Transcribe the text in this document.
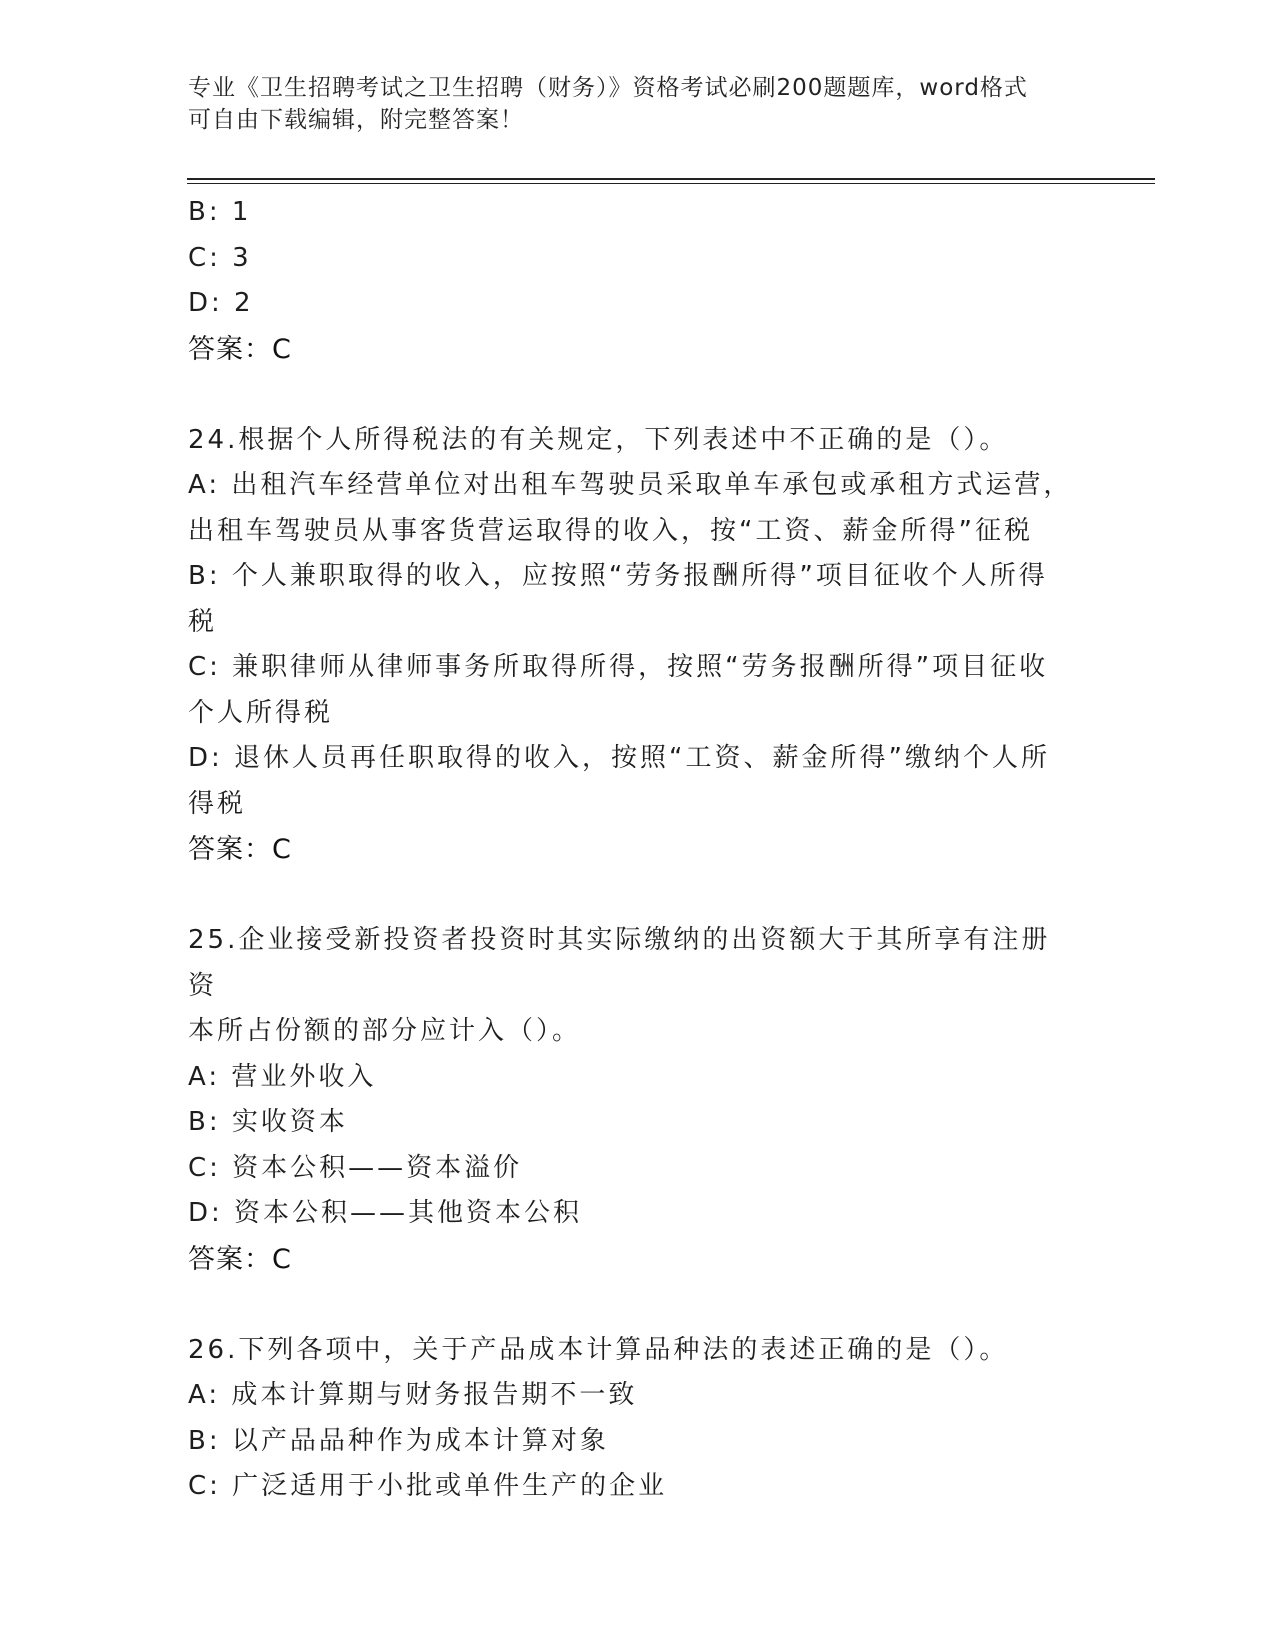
专业《卫生招聘考试之卫生招聘（财务）》资格考试必刷200题题库，word格式
可自由下载编辑，附完整答案！
B: 1
C: 3
D: 2
答案：C
24.根据个人所得税法的有关规定，下列表述中不正确的是（）。
A: 出租汽车经营单位对出租车驾驶员采取单车承包或承租方式运营，
出租车驾驶员从事客货营运取得的收入，按“工资、薪金所得”征税
B: 个人兼职取得的收入，应按照“劳务报酬所得”项目征收个人所得
税
C: 兼职律师从律师事务所取得所得，按照“劳务报酬所得”项目征收
个人所得税
D: 退休人员再任职取得的收入，按照“工资、薪金所得”缴纳个人所
得税
答案：C
25.企业接受新投资者投资时其实际缴纳的出资额大于其所享有注册资
本所占份额的部分应计入（）。
A: 营业外收入
B: 实收资本
C: 资本公积——资本溢价
D: 资本公积——其他资本公积
答案：C
26.下列各项中，关于产品成本计算品种法的表述正确的是（）。
A: 成本计算期与财务报告期不一致
B: 以产品品种作为成本计算对象
C: 广泛适用于小批或单件生产的企业
